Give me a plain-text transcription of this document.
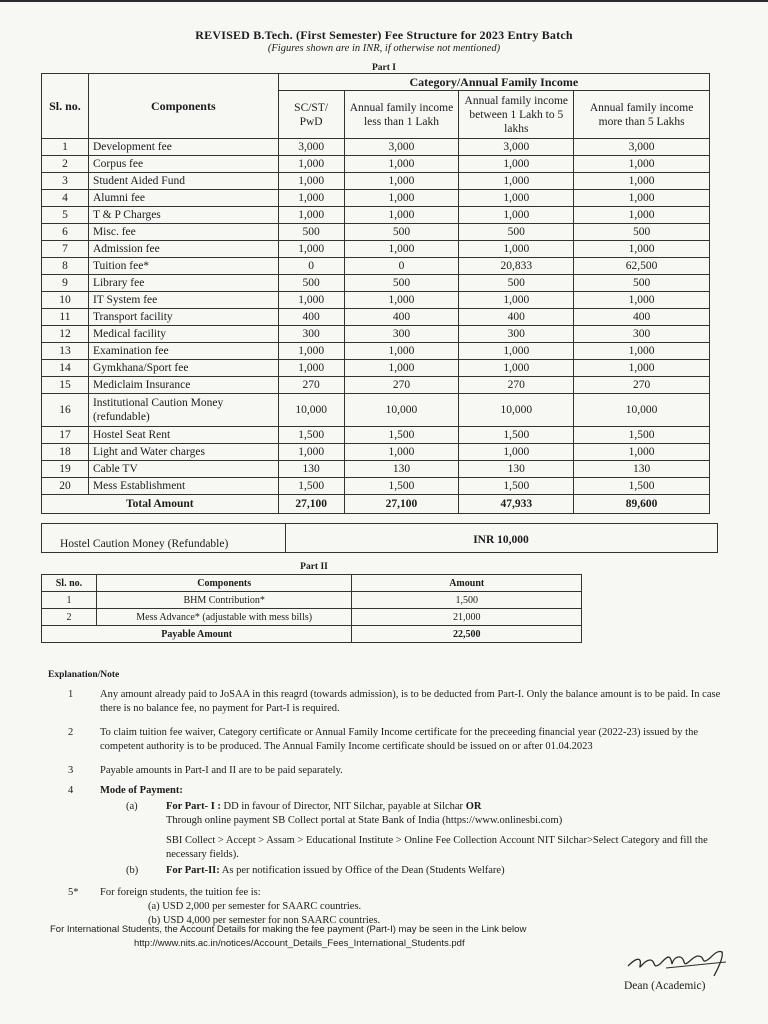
REVISED B.Tech. (First Semester) Fee Structure for 2023 Entry Batch
(Figures shown are in INR, if otherwise not mentioned)
Part I
Sl. no.	Components	Category/Annual Family Income			
		SC/ST/ PwD	Annual family income less than 1 Lakh	Annual family income between 1 Lakh to 5 lakhs	Annual family income more than 5 Lakhs
1	Development fee	3,000	3,000	3,000	3,000
2	Corpus fee	1,000	1,000	1,000	1,000
3	Student Aided Fund	1,000	1,000	1,000	1,000
4	Alumni fee	1,000	1,000	1,000	1,000
5	T & P Charges	1,000	1,000	1,000	1,000
6	Misc. fee	500	500	500	500
7	Admission fee	1,000	1,000	1,000	1,000
8	Tuition fee*	0	0	20,833	62,500
9	Library fee	500	500	500	500
10	IT System fee	1,000	1,000	1,000	1,000
11	Transport facility	400	400	400	400
12	Medical facility	300	300	300	300
13	Examination fee	1,000	1,000	1,000	1,000
14	Gymkhana/Sport fee	1,000	1,000	1,000	1,000
15	Mediclaim Insurance	270	270	270	270
16	Institutional Caution Money (refundable)	10,000	10,000	10,000	10,000
17	Hostel Seat Rent	1,500	1,500	1,500	1,500
18	Light and Water charges	1,000	1,000	1,000	1,000
19	Cable TV	130	130	130	130
20	Mess Establishment	1,500	1,500	1,500	1,500
Total Amount		27,100	27,100	47,933	89,600
Hostel Caution Money (Refundable)	INR 10,000
Part II
Sl. no.	Components	Amount
1	BHM Contribution*	1,500
2	Mess Advance* (adjustable with mess bills)	21,000
Payable Amount		22,500
Explanation/Note
1	Any amount already paid to JoSAA in this reagrd (towards admission), is to be deducted from Part-I. Only the balance amount is to be paid. In case there is no balance fee, no payment for Part-I is required.
2	To claim tuition fee waiver, Category certificate or Annual Family Income certificate for the preceeding financial year (2022-23) issued by the competent authority is to be produced. The Annual Family Income certificate should be issued on or after 01.04.2023
3	Payable amounts in Part-I and II are to be paid separately.
4	Mode of Payment:
(a)	For Part- I : DD in favour of Director, NIT Silchar, payable at Silchar OR
Through online payment SB Collect portal at State Bank of India (https://www.onlinesbi.com)
SBI Collect > Accept > Assam > Educational Institute > Online Fee Collection Account NIT Silchar>Select Category and fill the necessary fields).
(b)	For Part-II: As per notification issued by Office of the Dean (Students Welfare)
5* For foreign students, the tuition fee is:
(a) USD 2,000 per semester for SAARC countries.
(b) USD 4,000 per semester for non SAARC countries.
For International Students, the Account Details for making the fee payment (Part-I) may be seen in the Link below
http://www.nits.ac.in/notices/Account_Details_Fees_International_Students.pdf
Dean (Academic)
